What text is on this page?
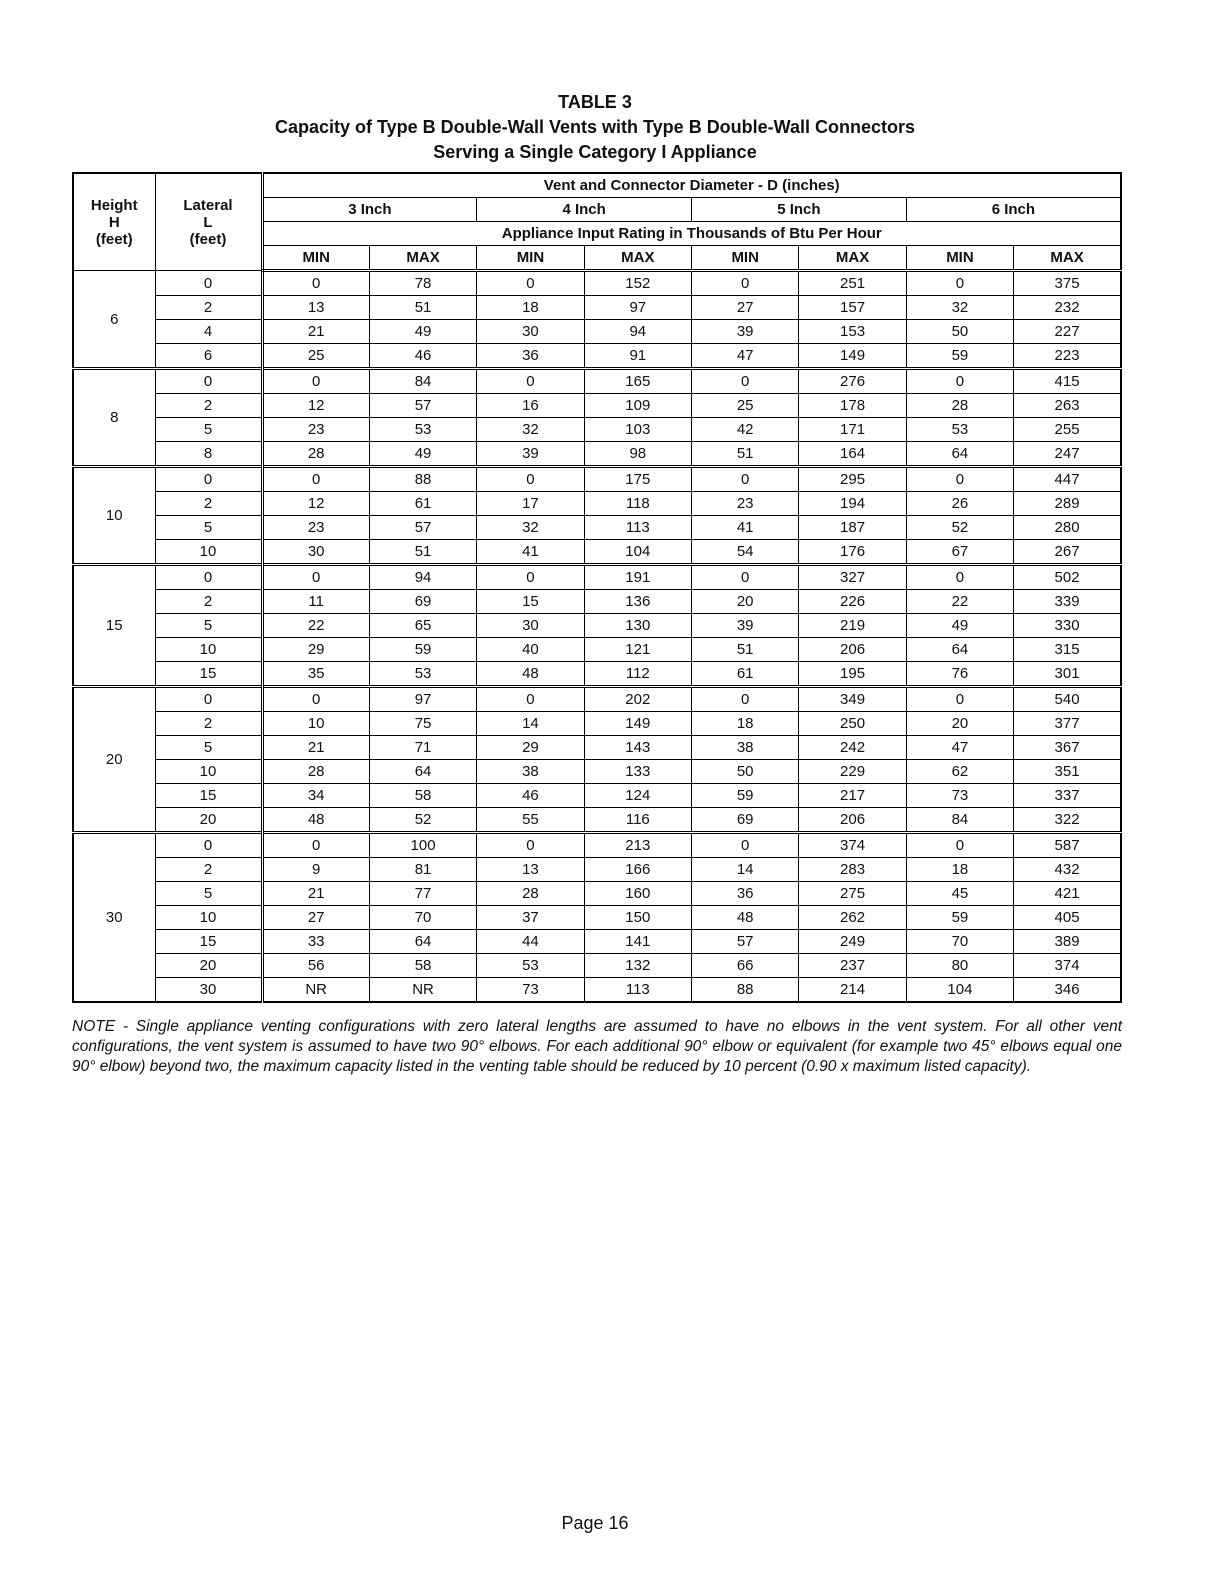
TABLE 3
Capacity of Type B Double-Wall Vents with Type B Double-Wall Connectors
Serving a Single Category I Appliance
Height
H
(feet)	Lateral
L
(feet)	Vent and Connector Diameter - D (inches)							
		3 Inch		4 Inch		5 Inch		6 Inch	
		Appliance Input Rating in Thousands of Btu Per Hour							
		MIN	MAX	MIN	MAX	MIN	MAX	MIN	MAX
6	0	0	78	0	152	0	251	0	375
	2	13	51	18	97	27	157	32	232
	4	21	49	30	94	39	153	50	227
	6	25	46	36	91	47	149	59	223
8	0	0	84	0	165	0	276	0	415
	2	12	57	16	109	25	178	28	263
	5	23	53	32	103	42	171	53	255
	8	28	49	39	98	51	164	64	247
10	0	0	88	0	175	0	295	0	447
	2	12	61	17	118	23	194	26	289
	5	23	57	32	113	41	187	52	280
	10	30	51	41	104	54	176	67	267
15	0	0	94	0	191	0	327	0	502
	2	11	69	15	136	20	226	22	339
	5	22	65	30	130	39	219	49	330
	10	29	59	40	121	51	206	64	315
	15	35	53	48	112	61	195	76	301
20	0	0	97	0	202	0	349	0	540
	2	10	75	14	149	18	250	20	377
	5	21	71	29	143	38	242	47	367
	10	28	64	38	133	50	229	62	351
	15	34	58	46	124	59	217	73	337
	20	48	52	55	116	69	206	84	322
30	0	0	100	0	213	0	374	0	587
	2	9	81	13	166	14	283	18	432
	5	21	77	28	160	36	275	45	421
	10	27	70	37	150	48	262	59	405
	15	33	64	44	141	57	249	70	389
	20	56	58	53	132	66	237	80	374
	30	NR	NR	73	113	88	214	104	346
NOTE - Single appliance venting configurations with zero lateral lengths are assumed to have no elbows in the vent system. For all other vent configurations, the vent system is assumed to have two 90° elbows. For each additional 90° elbow or equivalent (for example two 45° elbows equal one 90° elbow) beyond two, the maximum capacity listed in the venting table should be reduced by 10 percent (0.90 x maximum listed capacity).
Page 16
